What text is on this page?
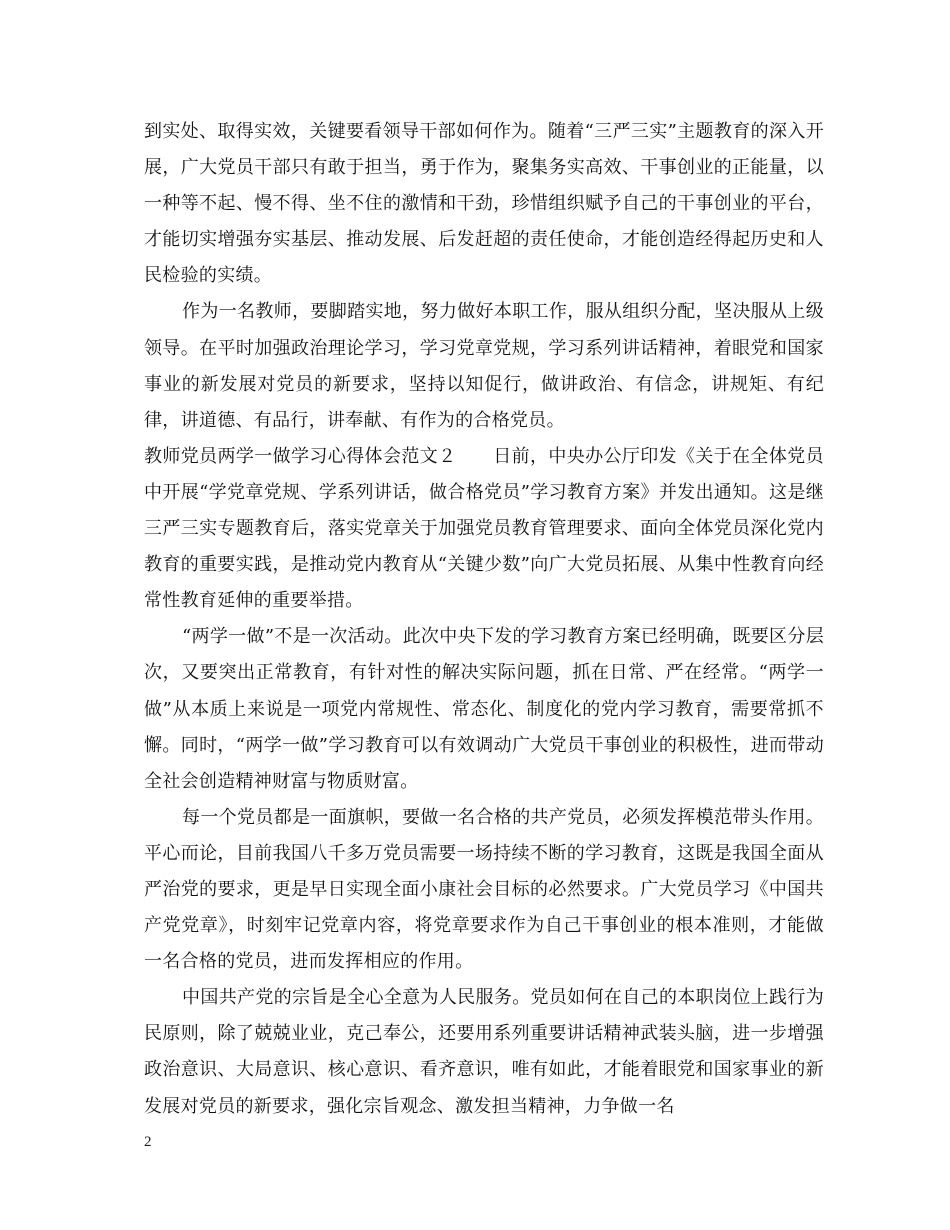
到实处、取得实效，关键要看领导干部如何作为。随着“三严三实”主题教育的深入开展，广大党员干部只有敢于担当，勇于作为，聚集务实高效、干事创业的正能量，以一种等不起、慢不得、坐不住的激情和干劲，珍惜组织赋予自己的干事创业的平台，才能切实增强夯实基层、推动发展、后发赶超的责任使命，才能创造经得起历史和人民检验的实绩。

作为一名教师，要脚踏实地，努力做好本职工作，服从组织分配，坚决服从上级领导。在平时加强政治理论学习，学习党章党规，学习系列讲话精神，着眼党和国家事业的新发展对党员的新要求，坚持以知促行，做讲政治、有信念，讲规矩、有纪律，讲道德、有品行，讲奉献、有作为的合格党员。

教师党员两学一做学习心得体会范文２　　日前，中央办公厅印发《关于在全体党员中开展“学党章党规、学系列讲话，做合格党员”学习教育方案》并发出通知。这是继三严三实专题教育后，落实党章关于加强党员教育管理要求、面向全体党员深化党内教育的重要实践，是推动党内教育从“关键少数”向广大党员拓展、从集中性教育向经常性教育延伸的重要举措。

“两学一做”不是一次活动。此次中央下发的学习教育方案已经明确，既要区分层次，又要突出正常教育，有针对性的解决实际问题，抓在日常、严在经常。“两学一做”从本质上来说是一项党内常规性、常态化、制度化的党内学习教育，需要常抓不懈。同时，“两学一做”学习教育可以有效调动广大党员干事创业的积极性，进而带动全社会创造精神财富与物质财富。

每一个党员都是一面旗帜，要做一名合格的共产党员，必须发挥模范带头作用。平心而论，目前我国八千多万党员需要一场持续不断的学习教育，这既是我国全面从严治党的要求，更是早日实现全面小康社会目标的必然要求。广大党员学习《中国共产党党章》，时刻牢记党章内容，将党章要求作为自己干事创业的根本准则，才能做一名合格的党员，进而发挥相应的作用。

中国共产党的宗旨是全心全意为人民服务。党员如何在自己的本职岗位上践行为民原则，除了兢兢业业，克己奉公，还要用系列重要讲话精神武装头脑，进一步增强政治意识、大局意识、核心意识、看齐意识，唯有如此，才能着眼党和国家事业的新发展对党员的新要求，强化宗旨观念、激发担当精神，力争做一名

2
